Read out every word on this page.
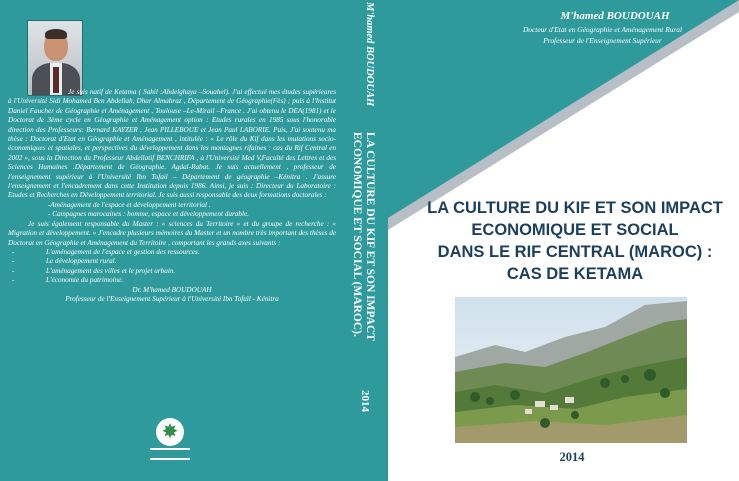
Je suis natif de Ketama ( Sahil :Abdelghaya –Souahel). J'ai effectué mes études supérieures à l'Université Sidi Mohamed Ben Abdellah, Dhar Almahraz , Département de Géographie(Fès) ; puis à l'Institut Daniel Faucher de Géographie et Aménagement , Toulouse –Le-Mirail –France . J'ai obtenu le DEA(1981) et le Doctorat de 3ème cycle en Géographie et Aménagement option : Etudes rurales en 1985 sous l'honorable direction des Professeurs: Bernard KAYZER , Jean PILLEBOUE et Jean Paul LABORIE. Puis, J'ai soutenu ma thèse : Doctorat d'Etat en Géographie et Aménagement , intitulée : « Le rôle du Kif dans les mutations socio-économiques et spatiales, et perspectives du développement dans les montagnes rifaines : cas du Rif Central en 2002 », sous la Direction du Professeur Abdellatif BENCHRIFA , à l'Université Med V,Faculté des Lettres et des Sciences Humaines .Département de Géographie. Agdal-Rabat. Je suis actuellement , professeur de l'enseignement supérieur à l'Université Ibn Tofail – Département de géographie –Kénitra . J'assure l'enseignement et l'encadrement dans cette Institution depuis 1986. Ainsi, je suis : Directeur du Laboratoire : Etudes et Recherches en Développement territorial. Je suis aussi responsable des deux formations doctorales :

-Aménagement de l'espace et développement territorial .

- Campagnes marocaines : homme, espace et développement durable.

Je suis également responsable du Master : « sciences du Territoire » et du groupe de recherche : « Migration et développement. » J'encadre plusieurs mémoires du Master et un nombre très important des thèses de Doctorat en Géographie et Aménagement du Territoire , comportant les grands axes suivants :

- L'aménagement de l'espace et gestion des ressources.

- Le développement rural.

- L'aménagement des villes et le projet urbain.

- L'économie du patrimoine.

Dr. M'hamed BOUDOUAH

Professeur de l'Enseignement Supérieur à l'Université Ibn Tofaïl - Kénitra

✸
M'hamed BOUDOUAH
LA CULTURE DU KIF ET SON IMPACT
ECONOMIQUE ET SOCIAL (MAROC).
2014
M'hamed BOUDOUAH
Docteur d'Etat en Géographie et Aménagement Rural
Professeur de l'Enseignement Supérieur
LA CULTURE DU KIF ET SON IMPACT
ECONOMIQUE ET SOCIAL
DANS LE RIF CENTRAL (MAROC) :
CAS DE KETAMA
2014
